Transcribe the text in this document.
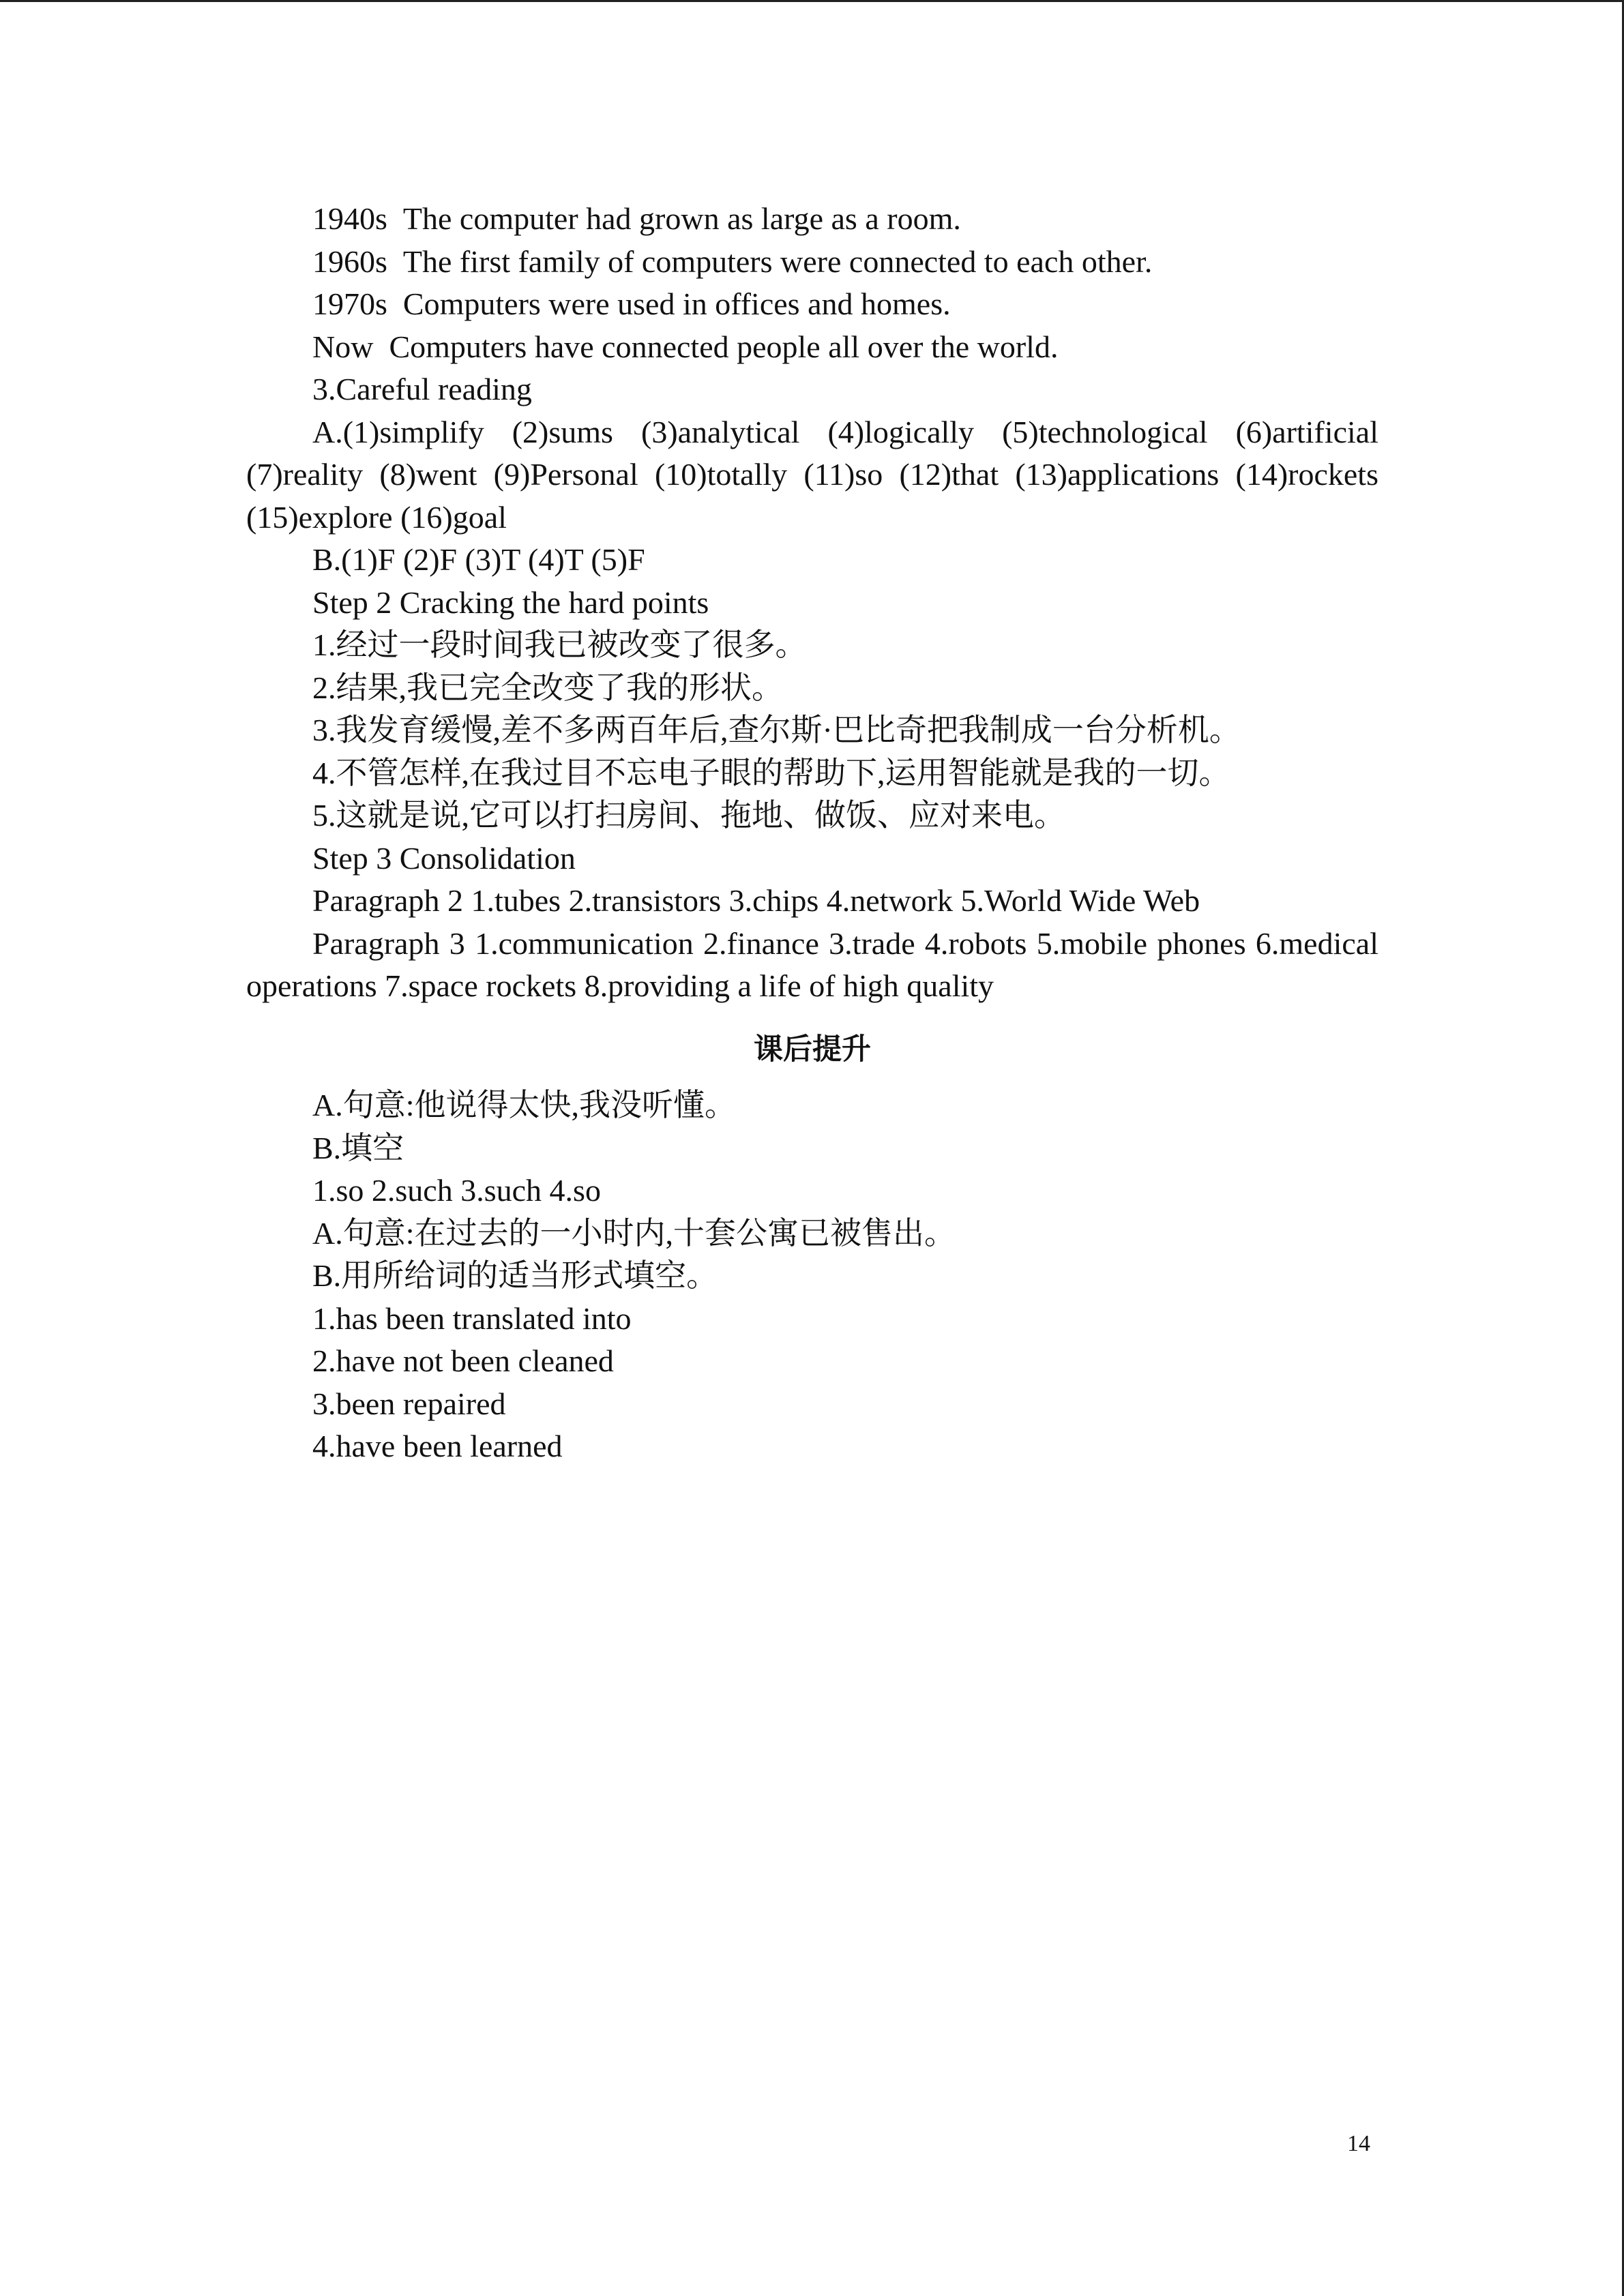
1940s The computer had grown as large as a room.

1960s The first family of computers were connected to each other.

1970s Computers were used in offices and homes.

Now Computers have connected people all over the world.

3.Careful reading

A.(1)simplify (2)sums (3)analytical (4)logically (5)technological (6)artificial (7)reality (8)went (9)Personal (10)totally (11)so (12)that (13)applications (14)rockets (15)explore (16)goal

B.(1)F (2)F (3)T (4)T (5)F

Step 2 Cracking the hard points

1.经过一段时间我已被改变了很多。

2.结果,我已完全改变了我的形状。

3.我发育缓慢,差不多两百年后,查尔斯·巴比奇把我制成一台分析机。

4.不管怎样,在我过目不忘电子眼的帮助下,运用智能就是我的一切。

5.这就是说,它可以打扫房间、拖地、做饭、应对来电。

Step 3 Consolidation

Paragraph 2 1.tubes 2.transistors 3.chips 4.network 5.World Wide Web

Paragraph 3 1.communication 2.finance 3.trade 4.robots 5.mobile phones 6.medical operations 7.space rockets 8.providing a life of high quality

课后提升

A.句意:他说得太快,我没听懂。

B.填空

1.so 2.such 3.such 4.so

A.句意:在过去的一小时内,十套公寓已被售出。

B.用所给词的适当形式填空。

1.has been translated into

2.have not been cleaned

3.been repaired

4.have been learned

14
